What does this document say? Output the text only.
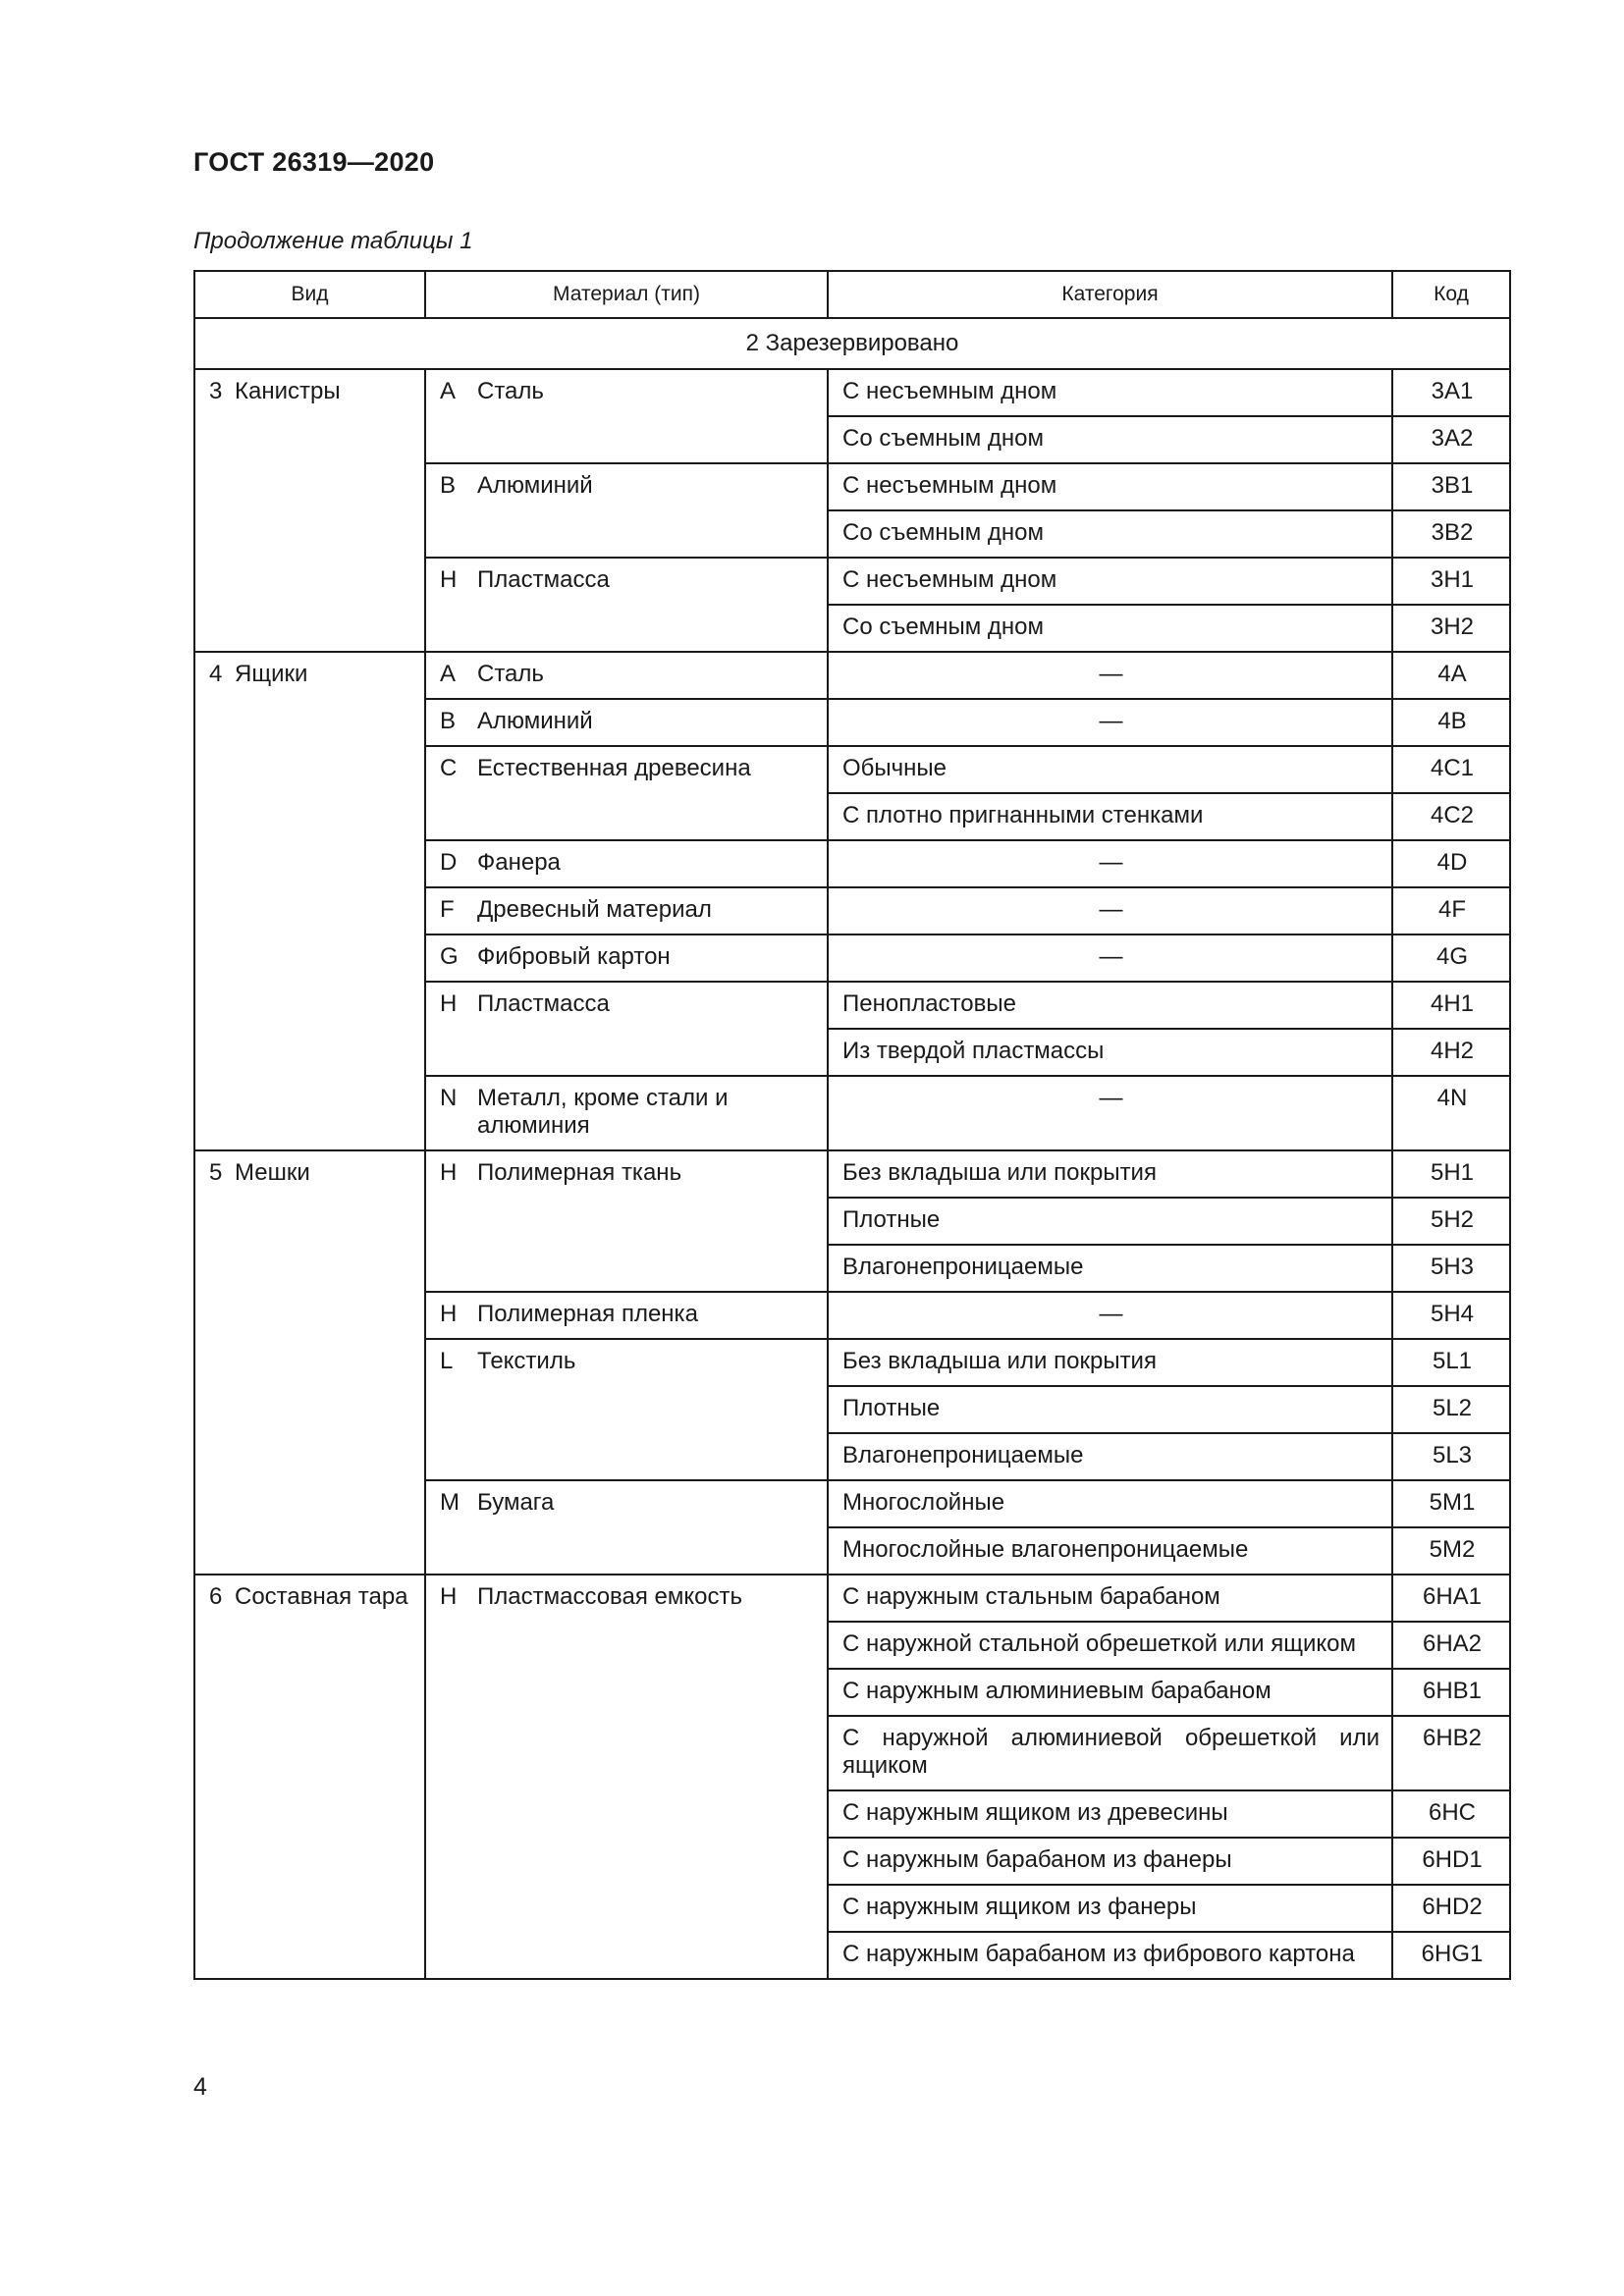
ГОСТ 26319—2020
Продолжение таблицы 1
Вид	Материал (тип)	Категория	Код
2 Зарезервировано			
3 Канистры	A Сталь	С несъемным дном	3A1
		Со съемным дном	3A2

	B Алюминий	С несъемным дном	3B1
		Со съемным дном	3B2

	H Пластмасса	С несъемным дном	3H1
		Со съемным дном	3H2
4 Ящики	A Сталь	—	4A

	B Алюминий	—	4B

	C Естественная древесина	Обычные	4C1
		С плотно пригнанными стенками	4C2

	D Фанера	—	4D

	F Древесный материал	—	4F

	G Фибровый картон	—	4G

	H Пластмасса	Пенопластовые	4H1
		Из твердой пластмассы	4H2

	N Металл, кроме стали и алюминия	—	4N
5 Мешки	H Полимерная ткань	Без вкладыша или покрытия	5H1
		Плотные	5H2
		Влагонепроницаемые	5H3

	H Полимерная пленка	—	5H4

	L Текстиль	Без вкладыша или покрытия	5L1
		Плотные	5L2
		Влагонепроницаемые	5L3

	M Бумага	Многослойные	5M1
		Многослойные влагонепроницаемые	5M2
6 Составная тара	H Пластмассовая емкость	С наружным стальным барабаном	6HA1
		С наружной стальной обрешеткой или ящиком	6HA2
		С наружным алюминиевым барабаном	6HB1
		С наружной алюминиевой обрешеткой или ящиком	6HB2
		С наружным ящиком из древесины	6HC
		С наружным барабаном из фанеры	6HD1
		С наружным ящиком из фанеры	6HD2
		С наружным барабаном из фибрового картона	6HG1
4
